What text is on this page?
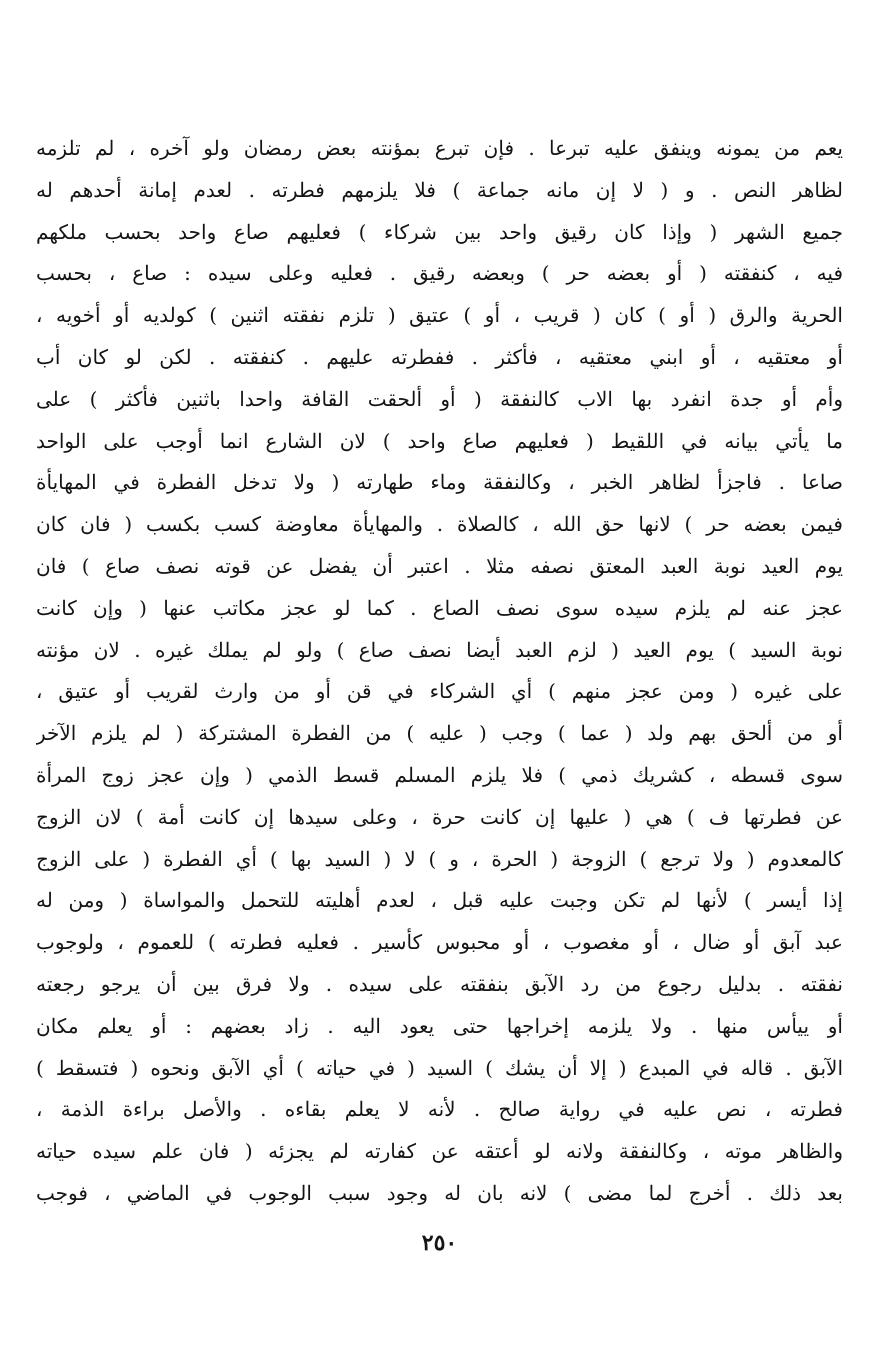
يعم من يمونه وينفق عليه تبرعا . فإن تبرع بمؤنته بعض رمضان ولو آخره ، لم تلزمه
لظاهر النص . و ( لا إن مانه جماعة ) فلا يلزمهم فطرته . لعدم إمانة أحدهم له
جميع الشهر ( وإذا كان رقيق واحد بين شركاء ) فعليهم صاع واحد بحسب ملكهم
فيه ، كنفقته ( أو بعضه حر ) وبعضه رقيق . فعليه وعلى سيده : صاع ، بحسب
الحرية والرق ( أو ) كان ( قريب ، أو ) عتيق ( تلزم نفقته اثنين ) كولديه أو أخويه ،
أو معتقيه ، أو ابني معتقيه ، فأكثر . ففطرته عليهم . كنفقته . لكن لو كان أب
وأم أو جدة انفرد بها الاب كالنفقة ( أو ألحقت القافة واحدا باثنين فأكثر ) على
ما يأتي بيانه في اللقيط ( فعليهم صاع واحد ) لان الشارع انما أوجب على الواحد
صاعا . فاجزأ لظاهر الخبر ، وكالنفقة وماء طهارته ( ولا تدخل الفطرة في المهايأة
فيمن بعضه حر ) لانها حق الله ، كالصلاة . والمهايأة معاوضة كسب بكسب ( فان كان
يوم العيد نوبة العبد المعتق نصفه مثلا . اعتبر أن يفضل عن قوته نصف صاع ) فان
عجز عنه لم يلزم سيده سوى نصف الصاع . كما لو عجز مكاتب عنها ( وإن كانت
نوبة السيد ) يوم العيد ( لزم العبد أيضا نصف صاع ) ولو لم يملك غيره . لان مؤنته
على غيره ( ومن عجز منهم ) أي الشركاء في قن أو من وارث لقريب أو عتيق ،
أو من ألحق بهم ولد ( عما ) وجب ( عليه ) من الفطرة المشتركة ( لم يلزم الآخر
سوى قسطه ، كشريك ذمي ) فلا يلزم المسلم قسط الذمي ( وإن عجز زوج المرأة
عن فطرتها ف ) هي ( عليها إن كانت حرة ، وعلى سيدها إن كانت أمة ) لان الزوج
كالمعدوم ( ولا ترجع ) الزوجة ( الحرة ، و ) لا ( السيد بها ) أي الفطرة ( على الزوج
إذا أيسر ) لأنها لم تكن وجبت عليه قبل ، لعدم أهليته للتحمل والمواساة ( ومن له
عبد آبق أو ضال ، أو مغصوب ، أو محبوس كأسير . فعليه فطرته ) للعموم ، ولوجوب
نفقته . بدليل رجوع من رد الآبق بنفقته على سيده . ولا فرق بين أن يرجو رجعته
أو ييأس منها . ولا يلزمه إخراجها حتى يعود اليه . زاد بعضهم : أو يعلم مكان
الآبق . قاله في المبدع ( إلا أن يشك ) السيد ( في حياته ) أي الآبق ونحوه ( فتسقط )
فطرته ، نص عليه في رواية صالح . لأنه لا يعلم بقاءه . والأصل براءة الذمة ،
والظاهر موته ، وكالنفقة ولانه لو أعتقه عن كفارته لم يجزئه ( فان علم سيده حياته
بعد ذلك . أخرج لما مضى ) لانه بان له وجود سبب الوجوب في الماضي ، فوجب
٢٥٠
